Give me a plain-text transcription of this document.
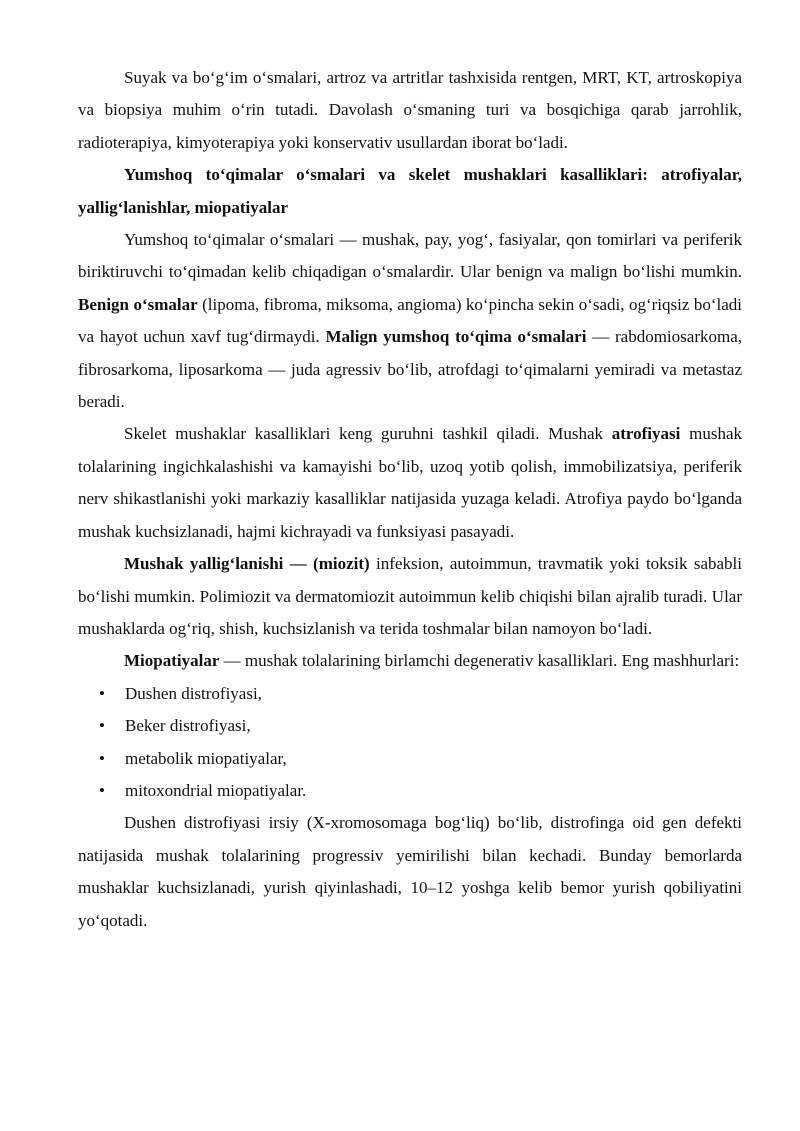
Suyak va bo‘g‘im o‘smalari, artroz va artritlar tashxisida rentgen, MRT, KT, artroskopiya va biopsiya muhim o‘rin tutadi. Davolash o‘smaning turi va bosqichiga qarab jarrohlik, radioterapiya, kimyoterapiya yoki konservativ usullardan iborat bo‘ladi.

Yumshoq to‘qimalar o‘smalari va skelet mushaklari kasalliklari: atrofiyalar, yallig‘lanishlar, miopatiyalar

Yumshoq to‘qimalar o‘smalari — mushak, pay, yog‘, fasiyalar, qon tomirlari va periferik biriktiruvchi to‘qimadan kelib chiqadigan o‘smalardir. Ular benign va malign bo‘lishi mumkin. Benign o‘smalar (lipoma, fibroma, miksoma, angioma) ko‘pincha sekin o‘sadi, og‘riqsiz bo‘ladi va hayot uchun xavf tug‘dirmaydi. Malign yumshoq to‘qima o‘smalari — rabdomiosarkoma, fibrosarkoma, liposarkoma — juda agressiv bo‘lib, atrofdagi to‘qimalarni yemiradi va metastaz beradi.

Skelet mushaklar kasalliklari keng guruhni tashkil qiladi. Mushak atrofiyasi mushak tolalarining ingichkalashishi va kamayishi bo‘lib, uzoq yotib qolish, immobilizatsiya, periferik nerv shikastlanishi yoki markaziy kasalliklar natijasida yuzaga keladi. Atrofiya paydo bo‘lganda mushak kuchsizlanadi, hajmi kichrayadi va funksiyasi pasayadi.

Mushak yallig‘lanishi — (miozit) infeksion, autoimmun, travmatik yoki toksik sababli bo‘lishi mumkin. Polimiozit va dermatomiozit autoimmun kelib chiqishi bilan ajralib turadi. Ular mushaklarda og‘riq, shish, kuchsizlanish va terida toshmalar bilan namoyon bo‘ladi.

Miopatiyalar — mushak tolalarining birlamchi degenerativ kasalliklari. Eng mashhurlari:

• Dushen distrofiyasi,
• Beker distrofiyasi,
• metabolik miopatiyalar,
• mitoxondrial miopatiyalar.

Dushen distrofiyasi irsiy (X-xromosomaga bog‘liq) bo‘lib, distrofinga oid gen defekti natijasida mushak tolalarining progressiv yemirilishi bilan kechadi. Bunday bemorlarda mushaklar kuchsizlanadi, yurish qiyinlashadi, 10–12 yoshga kelib bemor yurish qobiliyatini yo‘qotadi.
